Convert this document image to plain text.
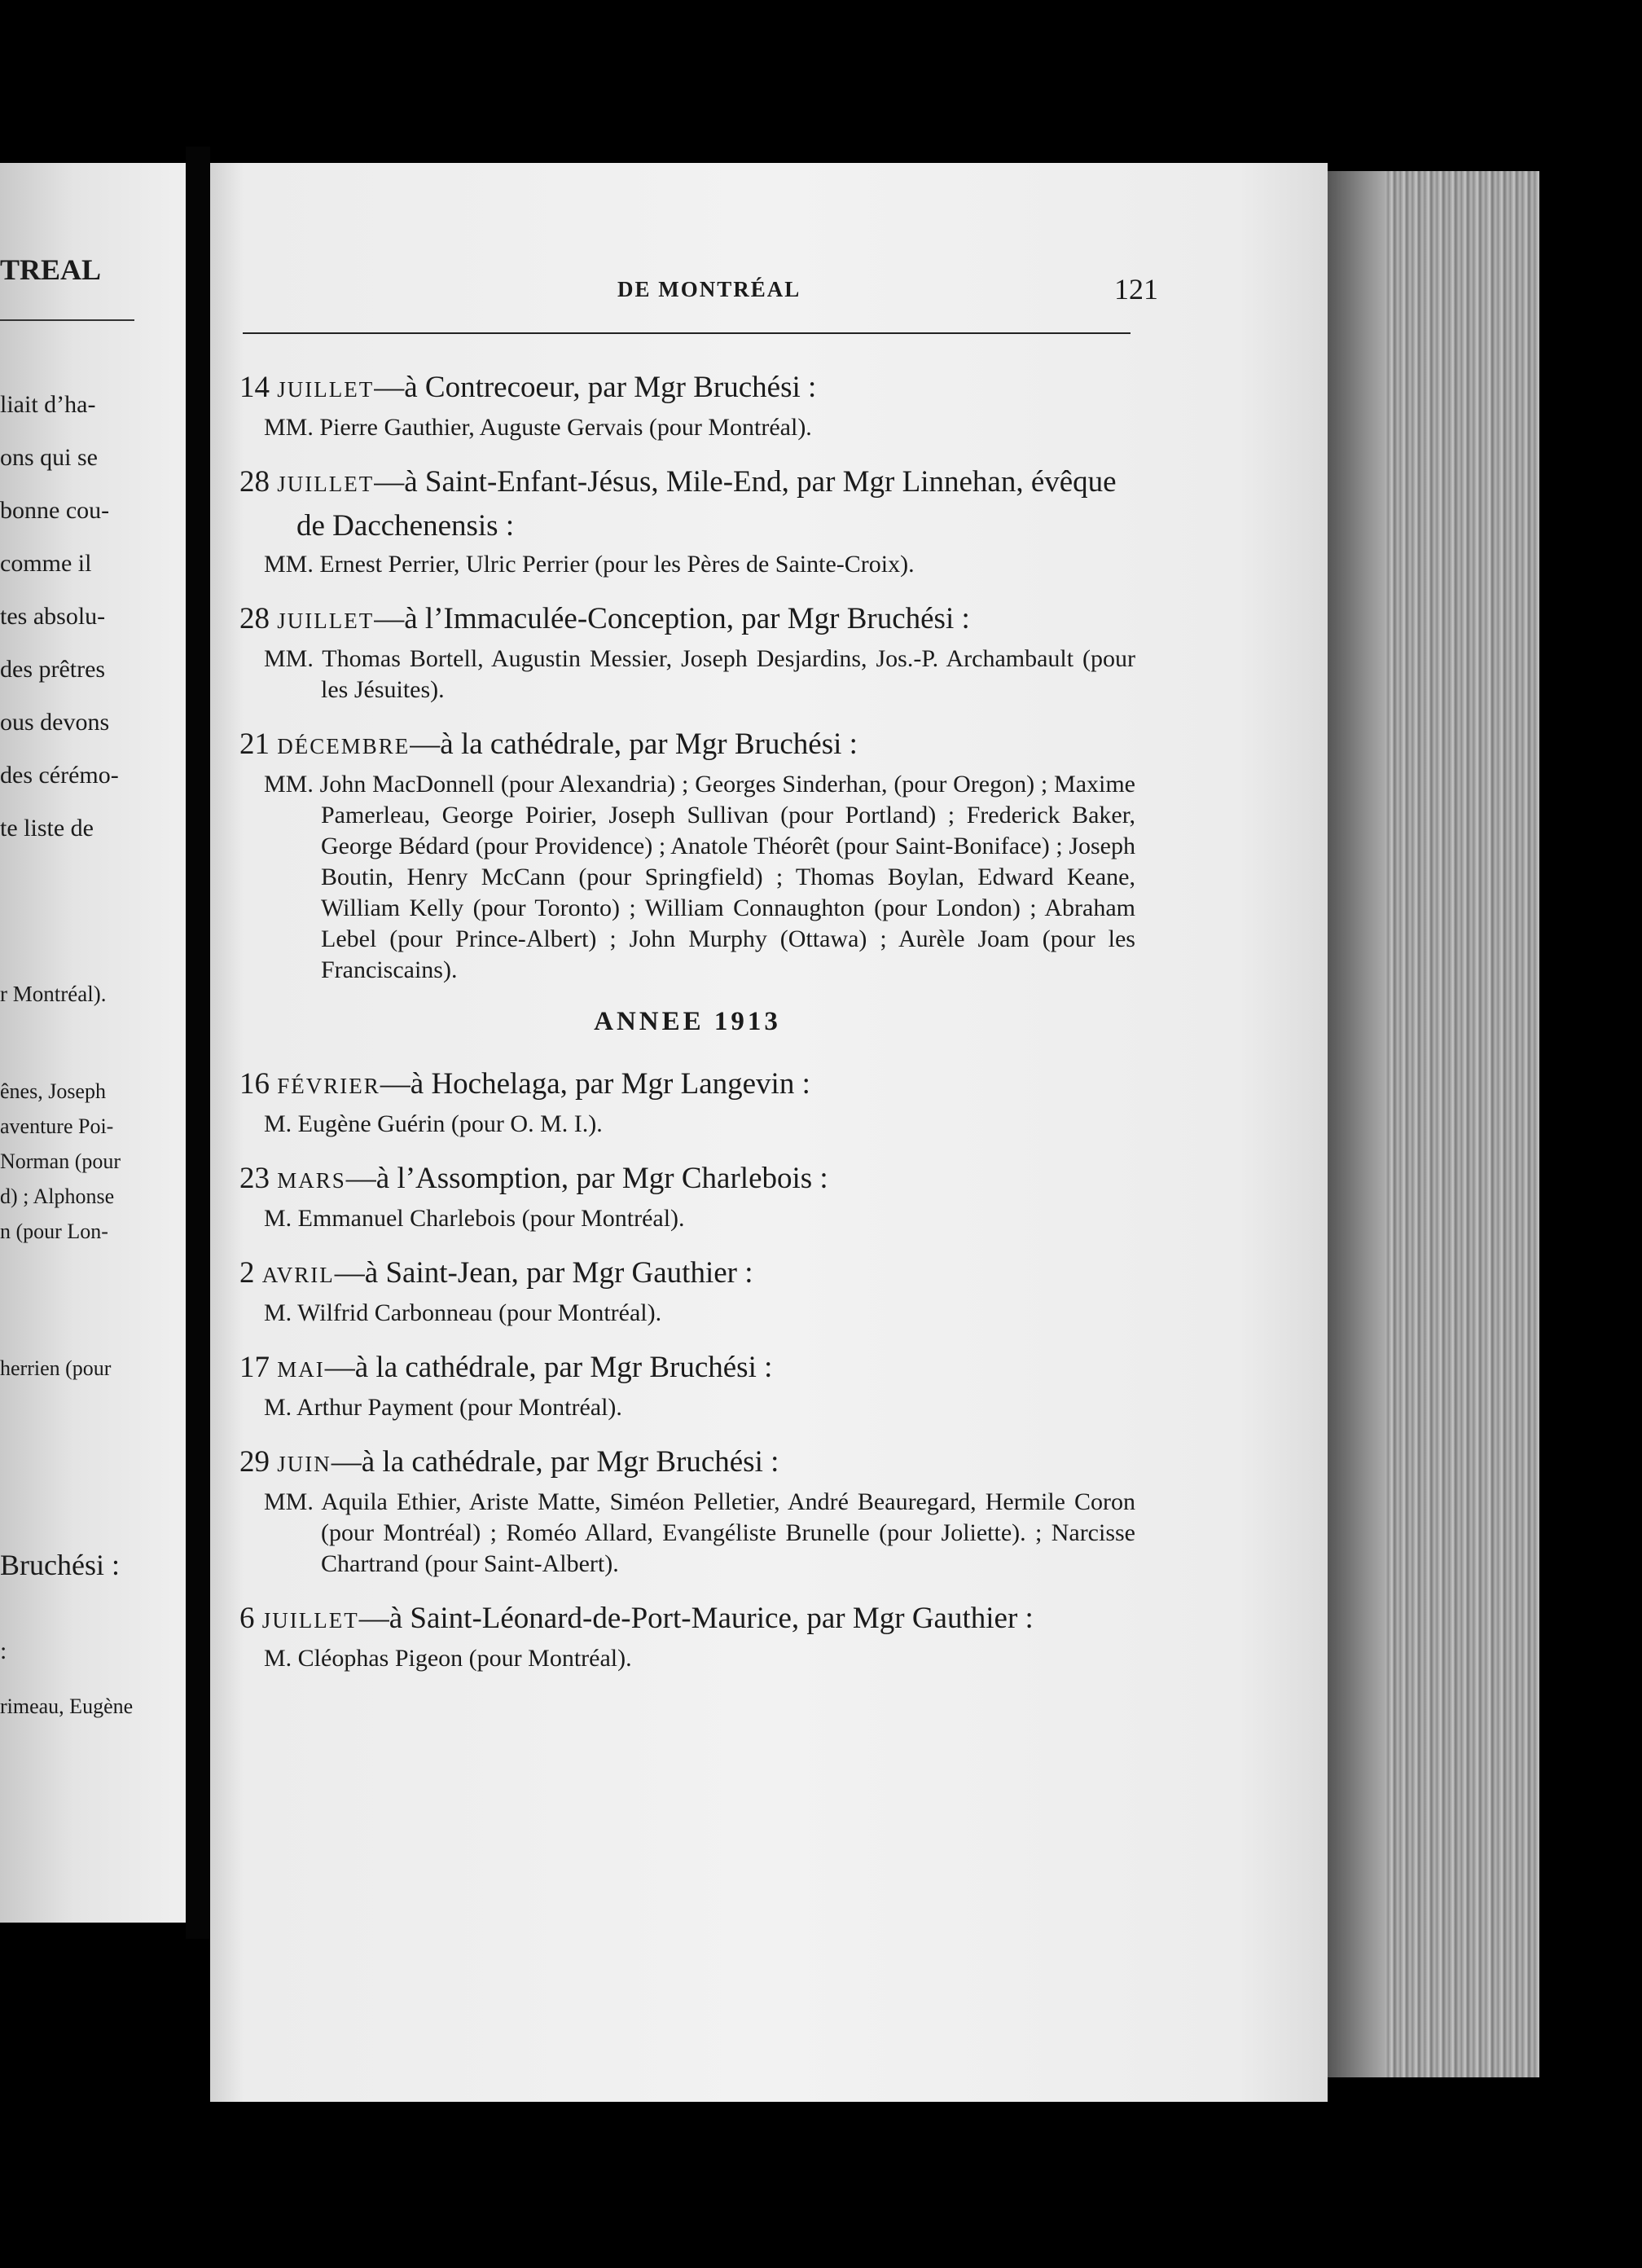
TREAL
liait d’ha-
ons qui se
bonne cou-
comme il
tes absolu-
des prêtres
ous devons
des cérémo-
te liste de
r Montréal).
ênes, Joseph
aventure Poi-
Norman (pour
d) ; Alphonse
n (pour Lon-
herrien (pour
Bruchési :
:
rimeau, Eugène
DE MONTRÉAL	121
14 JUILLET—à Contrecoeur, par Mgr Bruchési :
MM. Pierre Gauthier, Auguste Gervais (pour Montréal).
28 JUILLET—à Saint-Enfant-Jésus, Mile-End, par Mgr Linnehan, évêque de Dacchenensis :
MM. Ernest Perrier, Ulric Perrier (pour les Pères de Sainte-Croix).
28 JUILLET—à l’Immaculée-Conception, par Mgr Bruchési :
MM. Thomas Bortell, Augustin Messier, Joseph Desjardins, Jos.-P. Archambault (pour les Jésuites).
21 DÉCEMBRE—à la cathédrale, par Mgr Bruchési :
MM. John MacDonnell (pour Alexandria) ; Georges Sinderhan, (pour Oregon) ; Maxime Pamerleau, George Poirier, Joseph Sullivan (pour Portland) ; Frederick Baker, George Bédard (pour Providence) ; Anatole Théorêt (pour Saint-Boniface) ; Joseph Boutin, Henry McCann (pour Springfield) ; Thomas Boylan, Edward Keane, William Kelly (pour Toronto) ; William Connaughton (pour London) ; Abraham Lebel (pour Prince-Albert) ; John Murphy (Ottawa) ; Aurèle Joam (pour les Franciscains).
ANNEE 1913
16 FÉVRIER—à Hochelaga, par Mgr Langevin :
M. Eugène Guérin (pour O. M. I.).
23 MARS—à l’Assomption, par Mgr Charlebois :
M. Emmanuel Charlebois (pour Montréal).
2 AVRIL—à Saint-Jean, par Mgr Gauthier :
M. Wilfrid Carbonneau (pour Montréal).
17 MAI—à la cathédrale, par Mgr Bruchési :
M. Arthur Payment (pour Montréal).
29 JUIN—à la cathédrale, par Mgr Bruchési :
MM. Aquila Ethier, Ariste Matte, Siméon Pelletier, André Beauregard, Hermile Coron (pour Montréal) ; Roméo Allard, Evangéliste Brunelle (pour Joliette). ; Narcisse Chartrand (pour Saint-Albert).
6 JUILLET—à Saint-Léonard-de-Port-Maurice, par Mgr Gauthier :
M. Cléophas Pigeon (pour Montréal).
